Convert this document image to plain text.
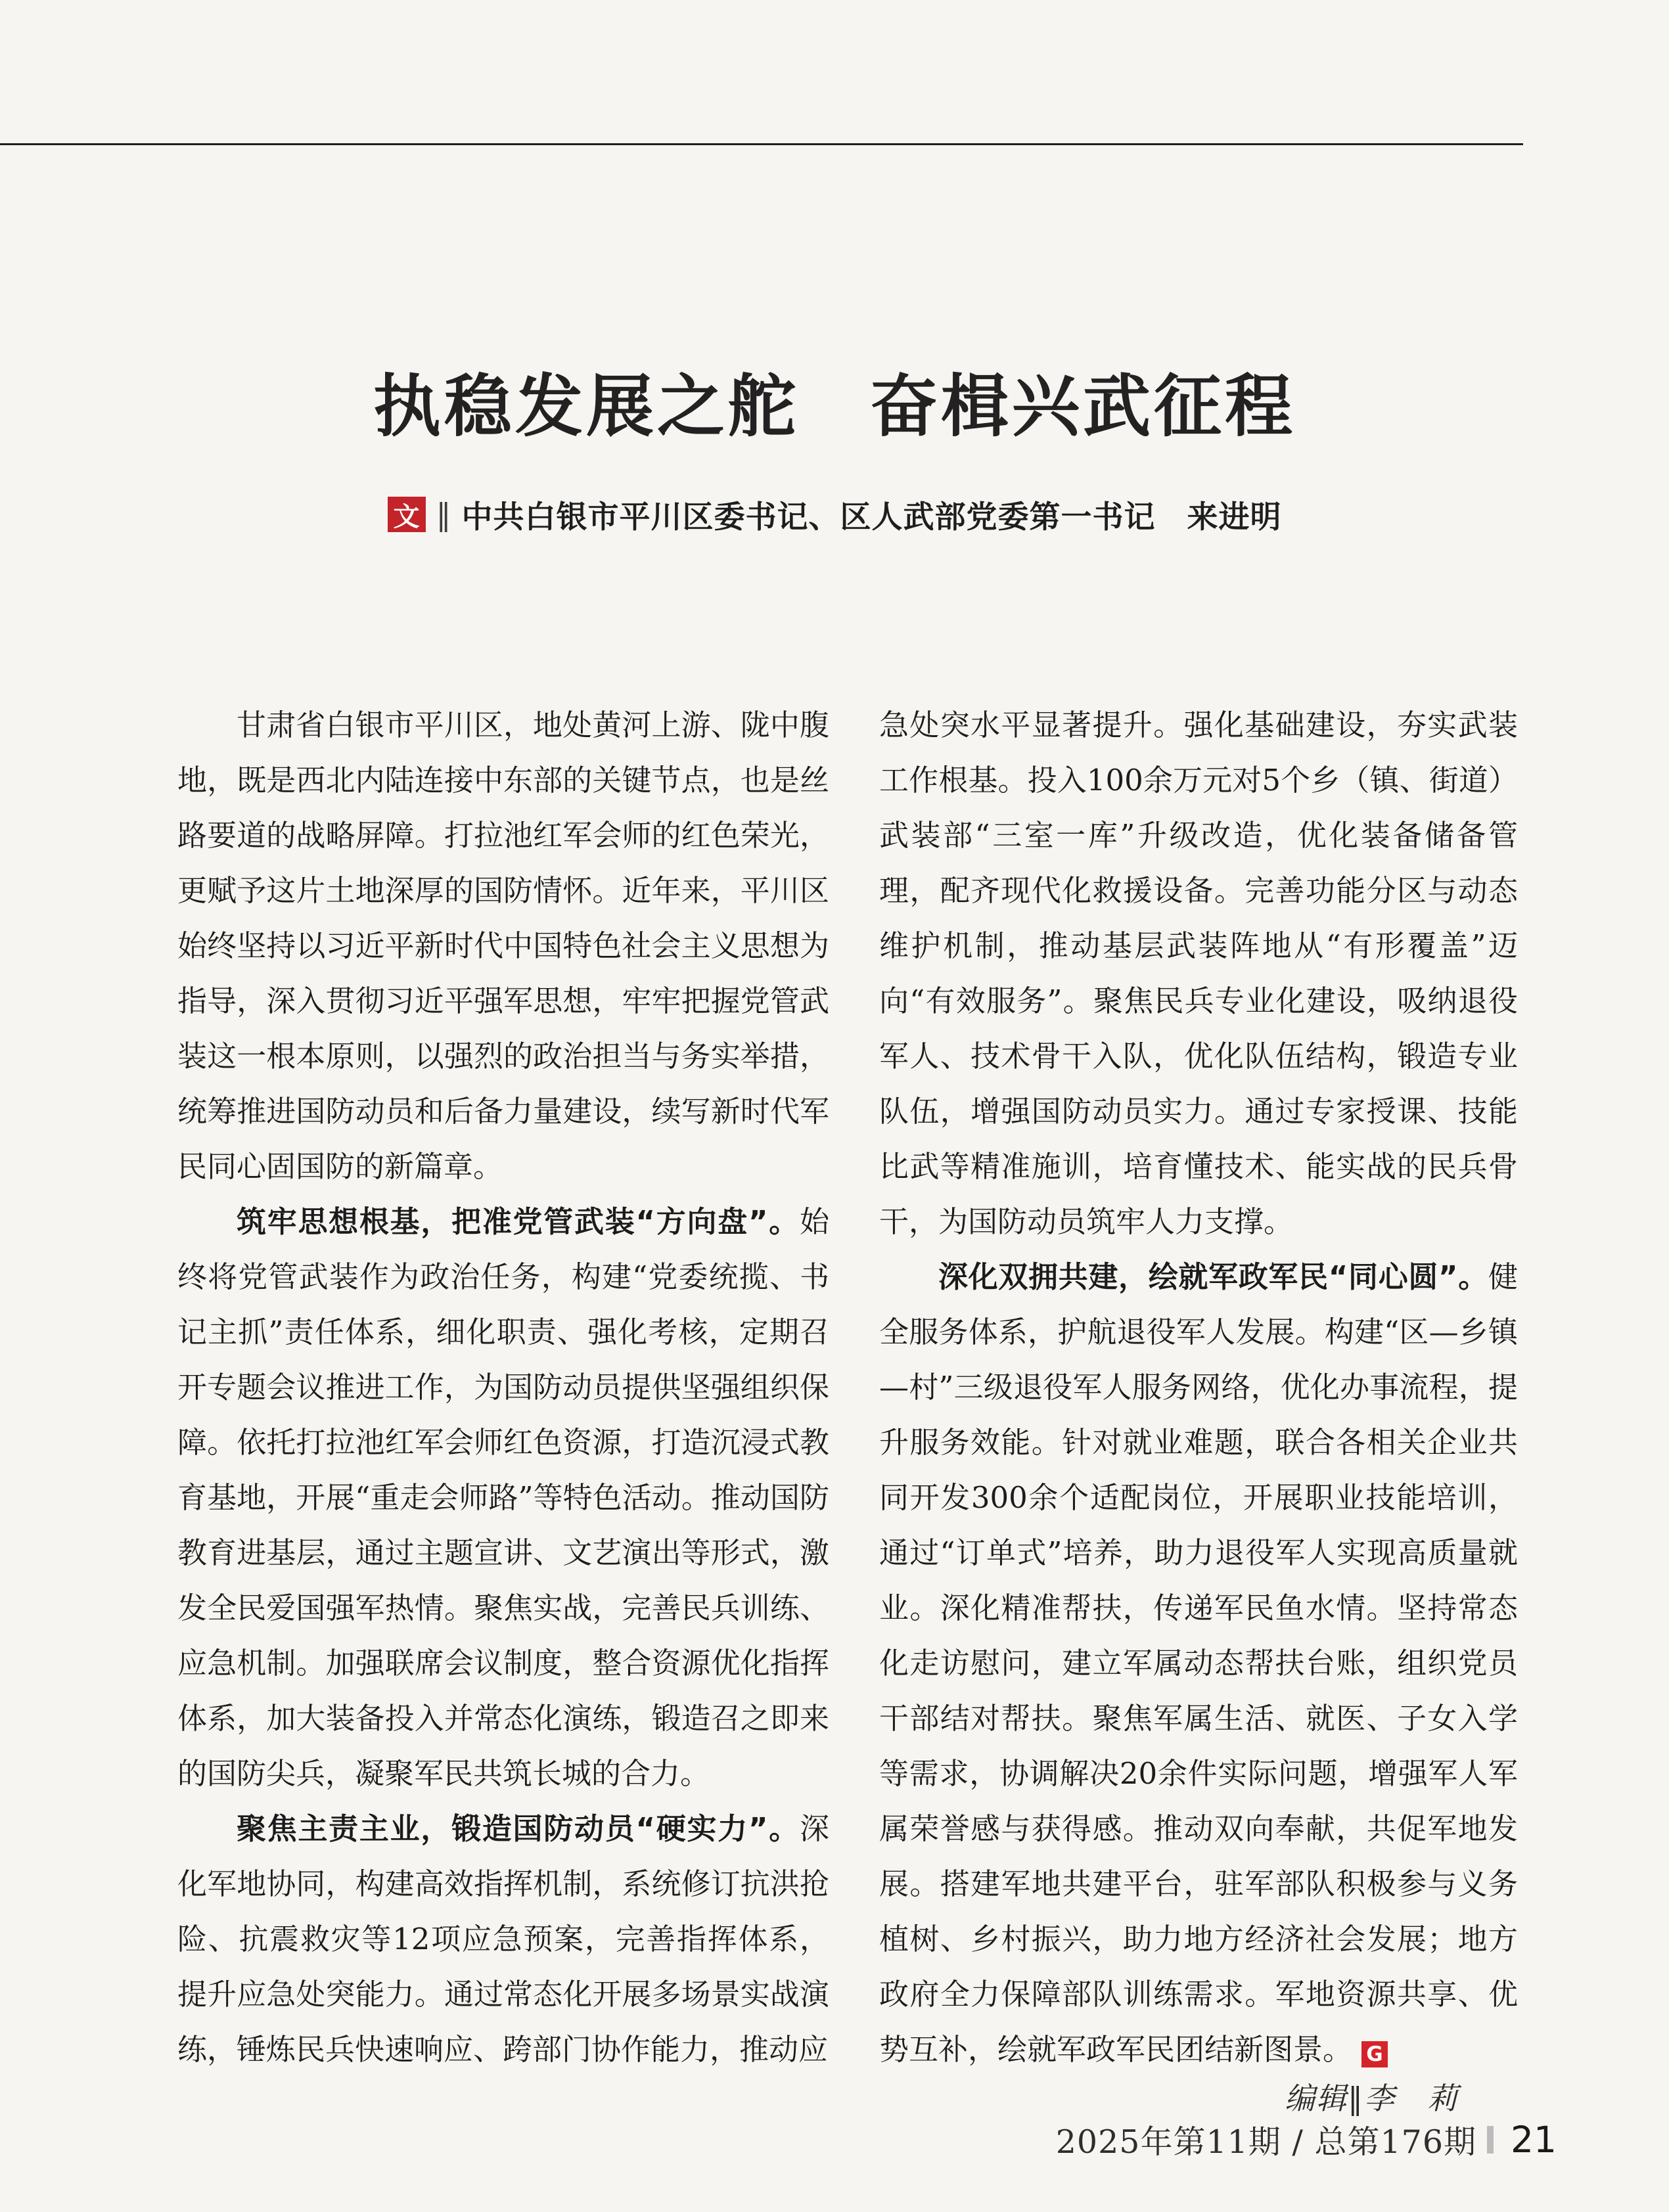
执稳发展之舵　奋楫兴武征程
文 ‖ 中共白银市平川区委书记、区人武部党委第一书记　来进明

甘肃省白银市平川区，地处黄河上游、陇中腹地，既是西北内陆连接中东部的关键节点，也是丝路要道的战略屏障。打拉池红军会师的红色荣光，更赋予这片土地深厚的国防情怀。近年来，平川区始终坚持以习近平新时代中国特色社会主义思想为指导，深入贯彻习近平强军思想，牢牢把握党管武装这一根本原则，以强烈的政治担当与务实举措，统筹推进国防动员和后备力量建设，续写新时代军民同心固国防的新篇章。

筑牢思想根基，把准党管武装“方向盘”。始终将党管武装作为政治任务，构建“党委统揽、书记主抓”责任体系，细化职责、强化考核，定期召开专题会议推进工作，为国防动员提供坚强组织保障。依托打拉池红军会师红色资源，打造沉浸式教育基地，开展“重走会师路”等特色活动。推动国防教育进基层，通过主题宣讲、文艺演出等形式，激发全民爱国强军热情。聚焦实战，完善民兵训练、应急机制。加强联席会议制度，整合资源优化指挥体系，加大装备投入并常态化演练，锻造召之即来的国防尖兵，凝聚军民共筑长城的合力。

聚焦主责主业，锻造国防动员“硬实力”。深化军地协同，构建高效指挥机制，系统修订抗洪抢险、抗震救灾等12项应急预案，完善指挥体系，提升应急处突能力。通过常态化开展多场景实战演练，锤炼民兵快速响应、跨部门协作能力，推动应

急处突水平显著提升。强化基础建设，夯实武装工作根基。投入100余万元对5个乡（镇、街道）武装部“三室一库”升级改造，优化装备储备管理，配齐现代化救援设备。完善功能分区与动态维护机制，推动基层武装阵地从“有形覆盖”迈向“有效服务”。聚焦民兵专业化建设，吸纳退役军人、技术骨干入队，优化队伍结构，锻造专业队伍，增强国防动员实力。通过专家授课、技能比武等精准施训，培育懂技术、能实战的民兵骨干，为国防动员筑牢人力支撑。

深化双拥共建，绘就军政军民“同心圆”。健全服务体系，护航退役军人发展。构建“区—乡镇—村”三级退役军人服务网络，优化办事流程，提升服务效能。针对就业难题，联合各相关企业共同开发300余个适配岗位，开展职业技能培训，通过“订单式”培养，助力退役军人实现高质量就业。深化精准帮扶，传递军民鱼水情。坚持常态化走访慰问，建立军属动态帮扶台账，组织党员干部结对帮扶。聚焦军属生活、就医、子女入学等需求，协调解决20余件实际问题，增强军人军属荣誉感与获得感。推动双向奉献，共促军地发展。搭建军地共建平台，驻军部队积极参与义务植树、乡村振兴，助力地方经济社会发展；地方政府全力保障部队训练需求。军地资源共享、优势互补，绘就军政军民团结新图景。 G

编辑‖李　莉
2025年第11期 / 总第176期 21
